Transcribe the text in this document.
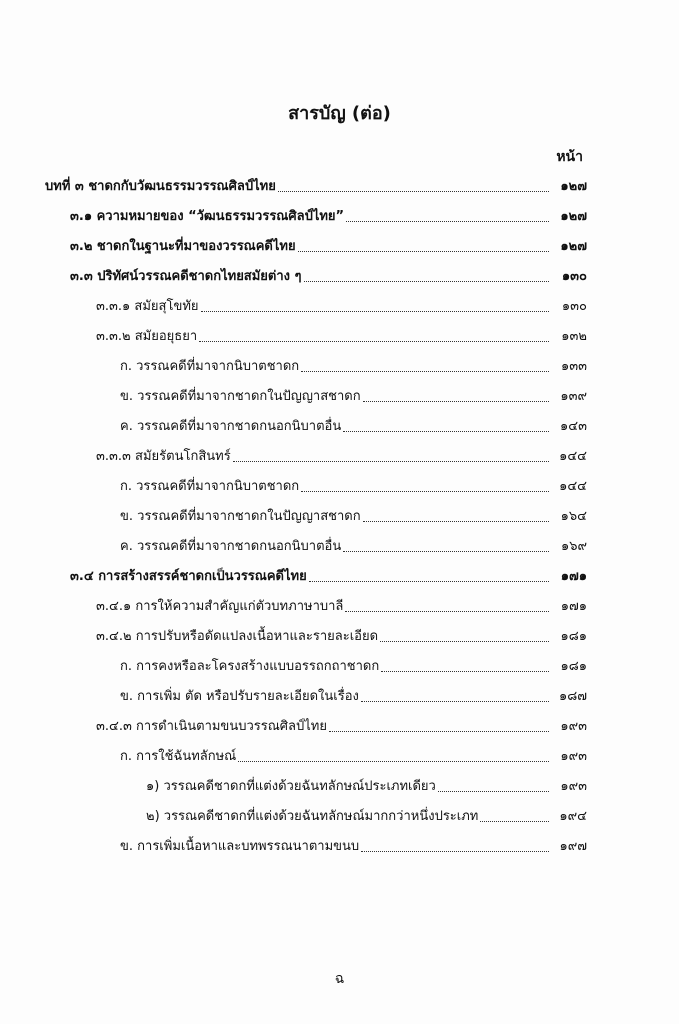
สารบัญ (ต่อ)
หน้า
บทที่ ๓ ชาดกกับวัฒนธรรมวรรณศิลป์ไทย	๑๒๗
๓.๑ ความหมายของ “วัฒนธรรมวรรณศิลป์ไทย”	๑๒๗
๓.๒ ชาดกในฐานะที่มาของวรรณคดีไทย	๑๒๗
๓.๓ ปริทัศน์วรรณคดีชาดกไทยสมัยต่าง ๆ	๑๓๐
๓.๓.๑ สมัยสุโขทัย	๑๓๐
๓.๓.๒ สมัยอยุธยา	๑๓๒
ก. วรรณคดีที่มาจากนิบาตชาดก	๑๓๓
ข. วรรณคดีที่มาจากชาดกในปัญญาสชาดก	๑๓๙
ค. วรรณคดีที่มาจากชาดกนอกนิบาตอื่น	๑๔๓
๓.๓.๓ สมัยรัตนโกสินทร์	๑๔๔
ก. วรรณคดีที่มาจากนิบาตชาดก	๑๔๔
ข. วรรณคดีที่มาจากชาดกในปัญญาสชาดก	๑๖๔
ค. วรรณคดีที่มาจากชาดกนอกนิบาตอื่น	๑๖๙
๓.๔ การสร้างสรรค์ชาดกเป็นวรรณคดีไทย	๑๗๑
๓.๔.๑ การให้ความสำคัญแก่ตัวบทภาษาบาลี	๑๗๑
๓.๔.๒ การปรับหรือดัดแปลงเนื้อหาและรายละเอียด	๑๘๑
ก. การคงหรือละโครงสร้างแบบอรรถกถาชาดก	๑๘๑
ข. การเพิ่ม ตัด หรือปรับรายละเอียดในเรื่อง	๑๘๗
๓.๔.๓ การดำเนินตามขนบวรรณศิลป์ไทย	๑๙๓
ก. การใช้ฉันทลักษณ์	๑๙๓
๑) วรรณคดีชาดกที่แต่งด้วยฉันทลักษณ์ประเภทเดียว	๑๙๓
๒) วรรณคดีชาดกที่แต่งด้วยฉันทลักษณ์มากกว่าหนึ่งประเภท	๑๙๔
ข. การเพิ่มเนื้อหาและบทพรรณนาตามขนบ	๑๙๗
ฉ
